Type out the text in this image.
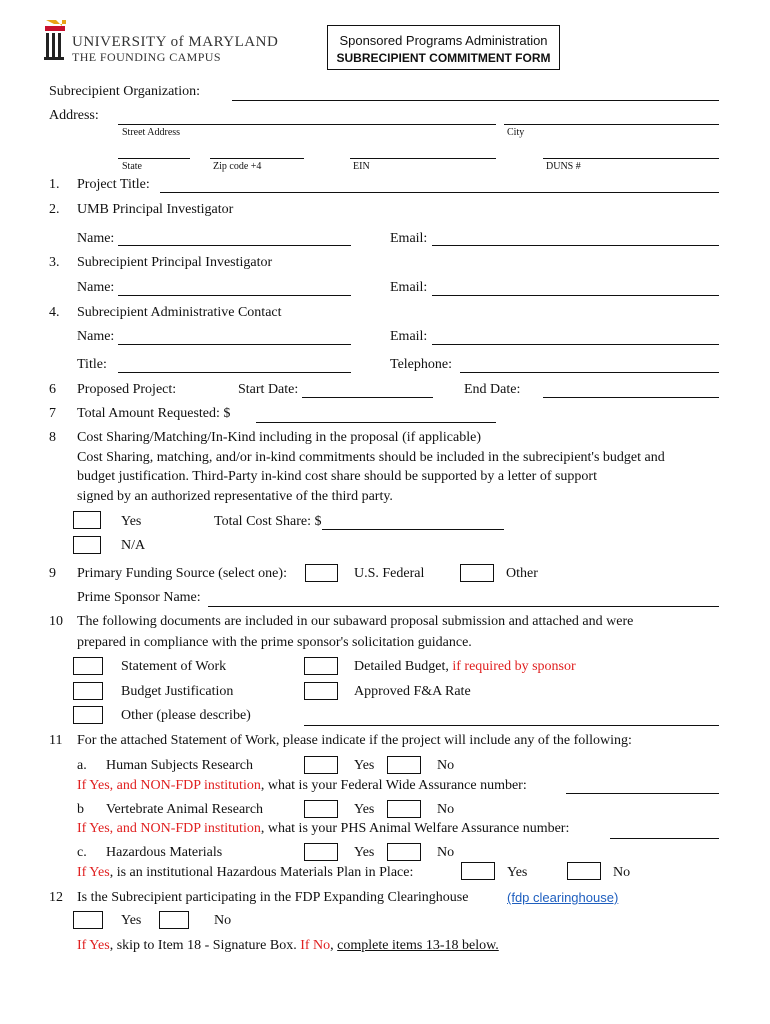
UNIVERSITY of MARYLAND
THE FOUNDING CAMPUS
Sponsored Programs Administration
SUBRECIPIENT COMMITMENT FORM
Subrecipient Organization:
Address:
Street Address	City
State	Zip code +4	EIN	DUNS #
1. Project Title:
2. UMB Principal Investigator
Name:	Email:
3. Subrecipient Principal Investigator
Name:	Email:
4. Subrecipient Administrative Contact
Name:	Email:
Title:	Telephone:
6 Proposed Project:	Start Date:	End Date:
7 Total Amount Requested: $
8 Cost Sharing/Matching/In-Kind including in the proposal (if applicable)
Cost Sharing, matching, and/or in-kind commitments should be included in the subrecipient's budget and
budget justification. Third-Party in-kind cost share should be supported by a letter of support
signed by an authorized representative of the third party.
Yes	Total Cost Share: $
N/A
9 Primary Funding Source (select one):	U.S. Federal	Other
Prime Sponsor Name:
10 The following documents are included in our subaward proposal submission and attached and were
prepared in compliance with the prime sponsor's solicitation guidance.
Statement of Work	Detailed Budget, if required by sponsor
Budget Justification	Approved F&A Rate
Other (please describe)
11 For the attached Statement of Work, please indicate if the project will include any of the following:
a. Human Subjects Research	Yes	No
If Yes, and NON-FDP institution, what is your Federal Wide Assurance number:
b Vertebrate Animal Research	Yes	No
If Yes, and NON-FDP institution, what is your PHS Animal Welfare Assurance number:
c. Hazardous Materials	Yes	No
If Yes, is an institutional Hazardous Materials Plan in Place:	Yes	No
12 Is the Subrecipient participating in the FDP Expanding Clearinghouse	(fdp clearinghouse)
Yes	No
If Yes, skip to Item 18 - Signature Box. If No, complete items 13-18 below.
